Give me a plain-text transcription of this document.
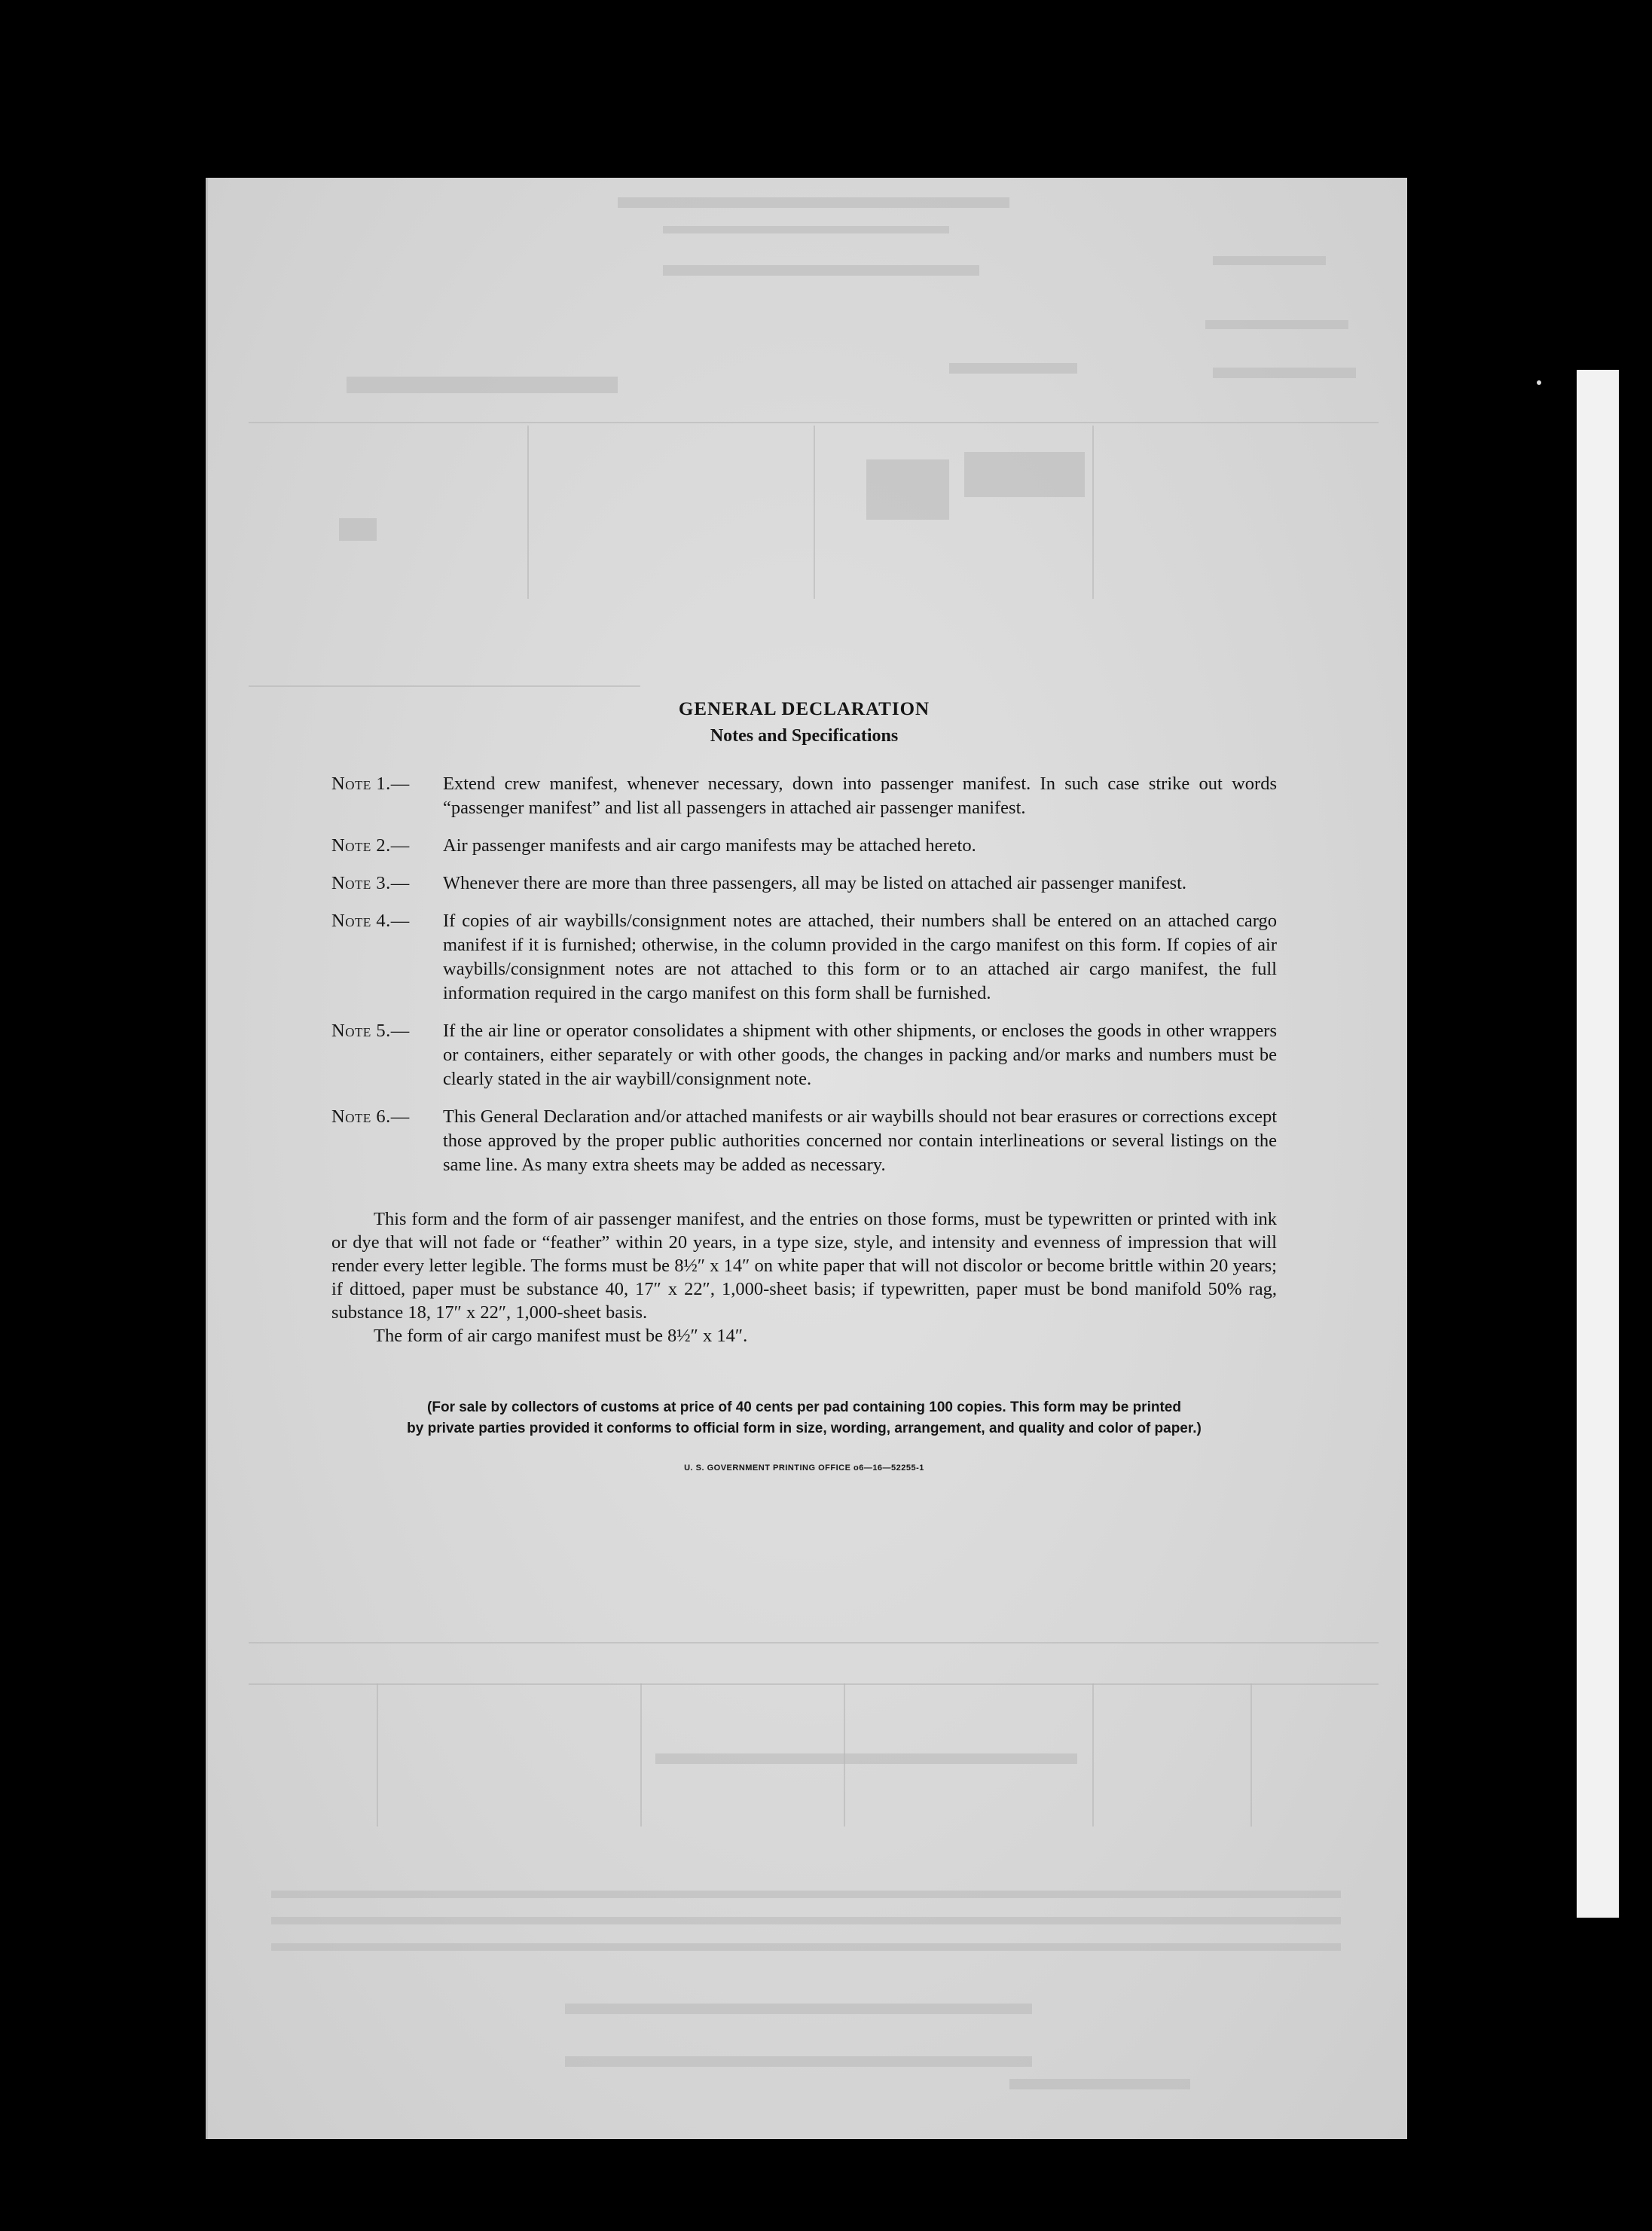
GENERAL DECLARATION
Notes and Specifications
Note 1.—	Extend crew manifest, whenever necessary, down into passenger manifest. In such case strike out words “passenger manifest” and list all passengers in attached air passenger manifest.
Note 2.—	Air passenger manifests and air cargo manifests may be attached hereto.
Note 3.—	Whenever there are more than three passengers, all may be listed on attached air passenger manifest.
Note 4.—	If copies of air waybills/consignment notes are attached, their numbers shall be entered on an attached cargo manifest if it is furnished; otherwise, in the column provided in the cargo manifest on this form. If copies of air waybills/consignment notes are not attached to this form or to an attached air cargo manifest, the full information required in the cargo manifest on this form shall be furnished.
Note 5.—	If the air line or operator consolidates a shipment with other shipments, or encloses the goods in other wrappers or containers, either separately or with other goods, the changes in packing and/or marks and numbers must be clearly stated in the air waybill/consignment note.
Note 6.—	This General Declaration and/or attached manifests or air waybills should not bear erasures or corrections except those approved by the proper public authorities concerned nor contain interlineations or several listings on the same line. As many extra sheets may be added as necessary.

This form and the form of air passenger manifest, and the entries on those forms, must be typewritten or printed with ink or dye that will not fade or “feather” within 20 years, in a type size, style, and intensity and evenness of impression that will render every letter legible. The forms must be 8½″ x 14″ on white paper that will not discolor or become brittle within 20 years; if dittoed, paper must be substance 40, 17″ x 22″, 1,000-sheet basis; if typewritten, paper must be bond manifold 50% rag, substance 18, 17″ x 22″, 1,000-sheet basis.

The form of air cargo manifest must be 8½″ x 14″.

(For sale by collectors of customs at price of 40 cents per pad containing 100 copies. This form may be printed
by private parties provided it conforms to official form in size, wording, arrangement, and quality and color of paper.)

U. S. GOVERNMENT PRINTING OFFICE o6—16—52255-1
